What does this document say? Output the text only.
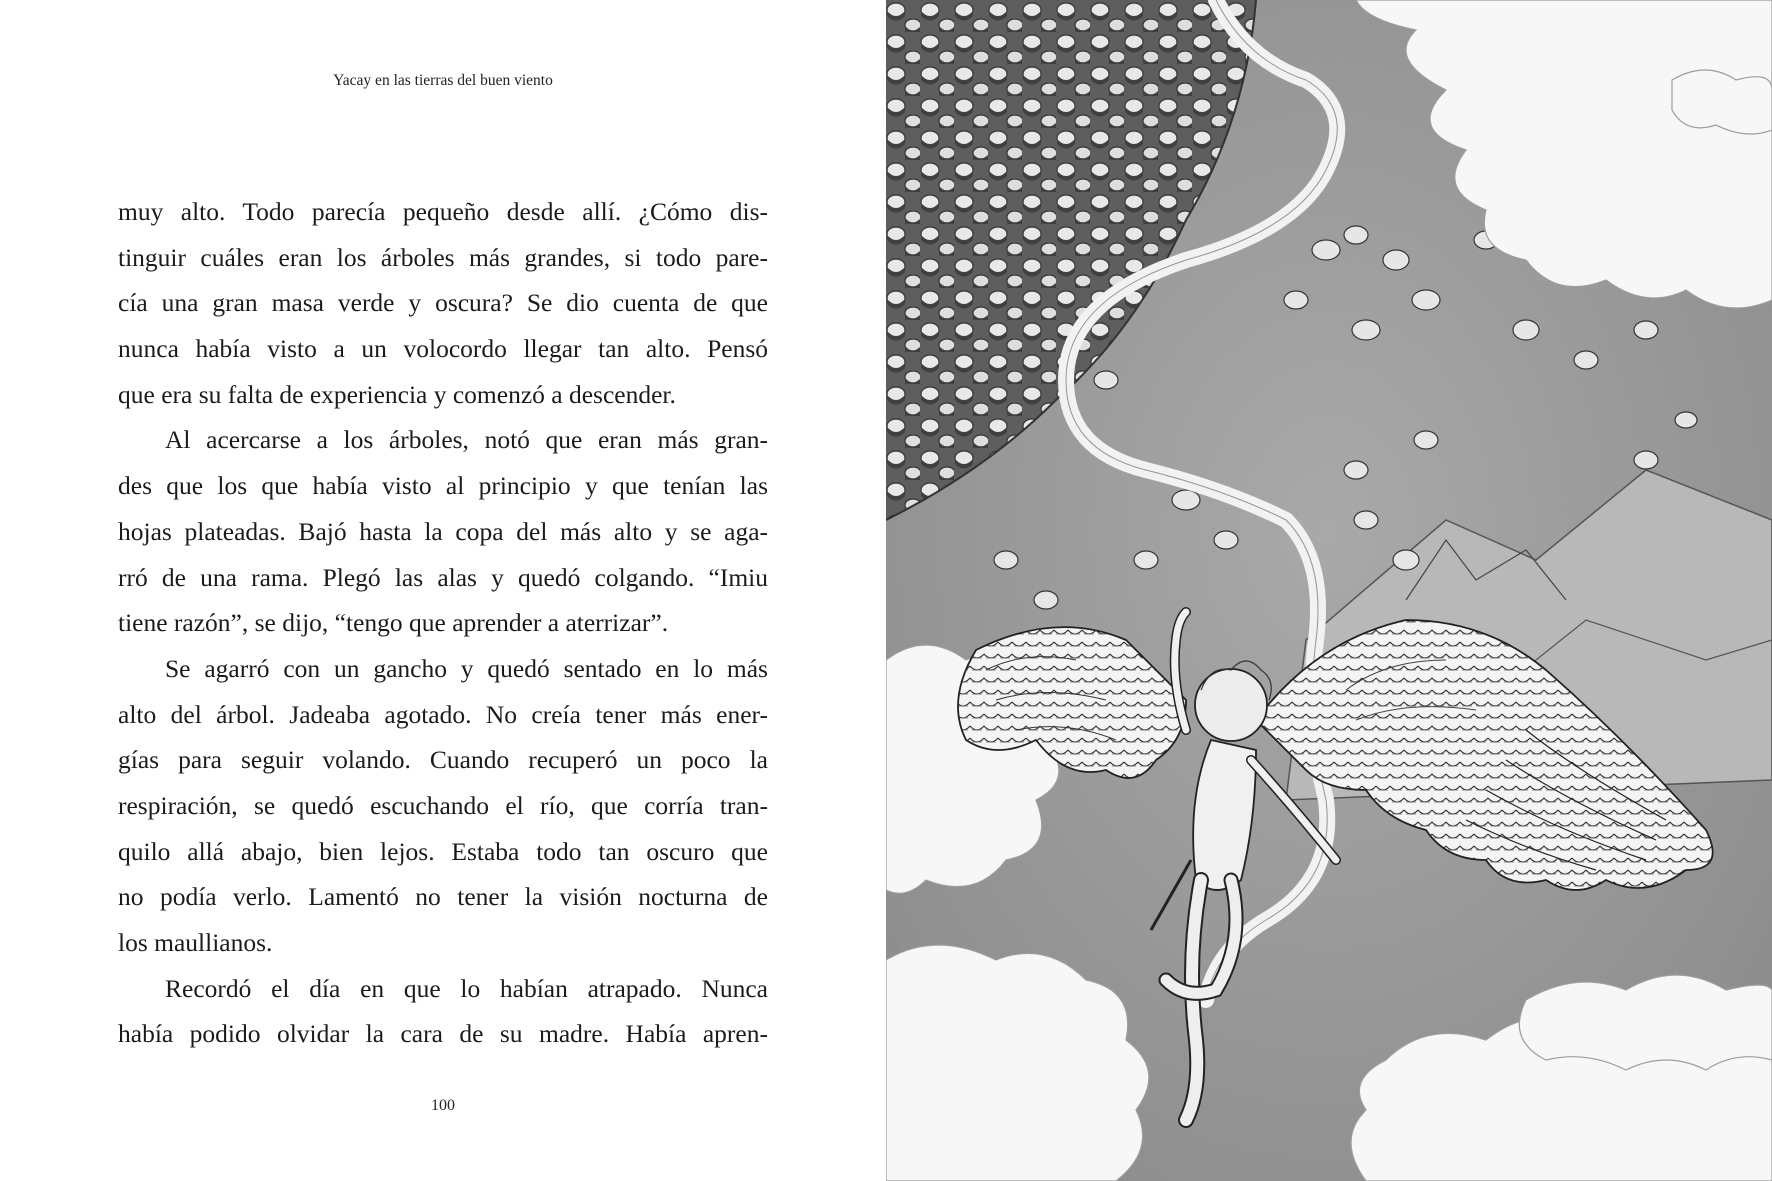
Yacay en las tierras del buen viento
muy alto. Todo parecía pequeño desde allí. ¿Cómo dis-
tinguir cuáles eran los árboles más grandes, si todo pare-
cía una gran masa verde y oscura? Se dio cuenta de que
nunca había visto a un volocordo llegar tan alto. Pensó
que era su falta de experiencia y comenzó a descender.
Al acercarse a los árboles, notó que eran más gran-
des que los que había visto al principio y que tenían las
hojas plateadas. Bajó hasta la copa del más alto y se aga-
rró de una rama. Plegó las alas y quedó colgando. “Imiu
tiene razón”, se dijo, “tengo que aprender a aterrizar”.
Se agarró con un gancho y quedó sentado en lo más
alto del árbol. Jadeaba agotado. No creía tener más ener-
gías para seguir volando. Cuando recuperó un poco la
respiración, se quedó escuchando el río, que corría tran-
quilo allá abajo, bien lejos. Estaba todo tan oscuro que
no podía verlo. Lamentó no tener la visión nocturna de
los maullianos.
Recordó el día en que lo habían atrapado. Nunca
había podido olvidar la cara de su madre. Había apren-
100
